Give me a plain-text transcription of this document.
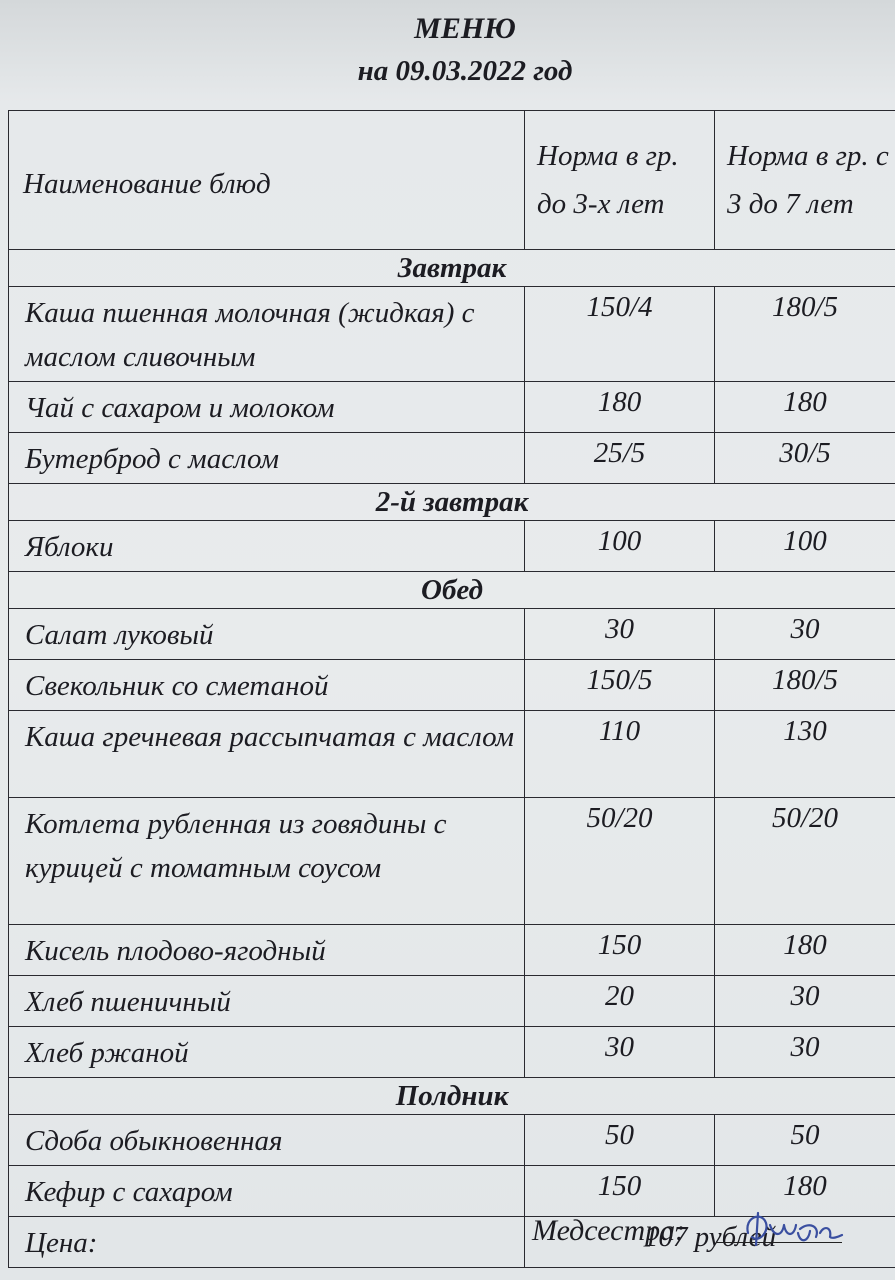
МЕНЮ
на 09.03.2022 год
Наименование блюд	Норма в гр. до 3-х лет	Норма в гр. с 3 до 7 лет
Завтрак		
Каша пшенная молочная (жидкая) с маслом сливочным	150/4	180/5
Чай с сахаром и молоком	180	180
Бутерброд с маслом	25/5	30/5
2-й завтрак		
Яблоки	100	100
Обед		
Салат луковый	30	30
Свекольник со сметаной	150/5	180/5
Каша гречневая рассыпчатая с маслом	110	130
Котлета рубленная из говядины с курицей с томатным соусом	50/20	50/20
Кисель плодово-ягодный	150	180
Хлеб пшеничный	20	30
Хлеб ржаной	30	30
Полдник		
Сдоба обыкновенная	50	50
Кефир с сахаром	150	180
Цена:	107 рублей	
Медсестра:
